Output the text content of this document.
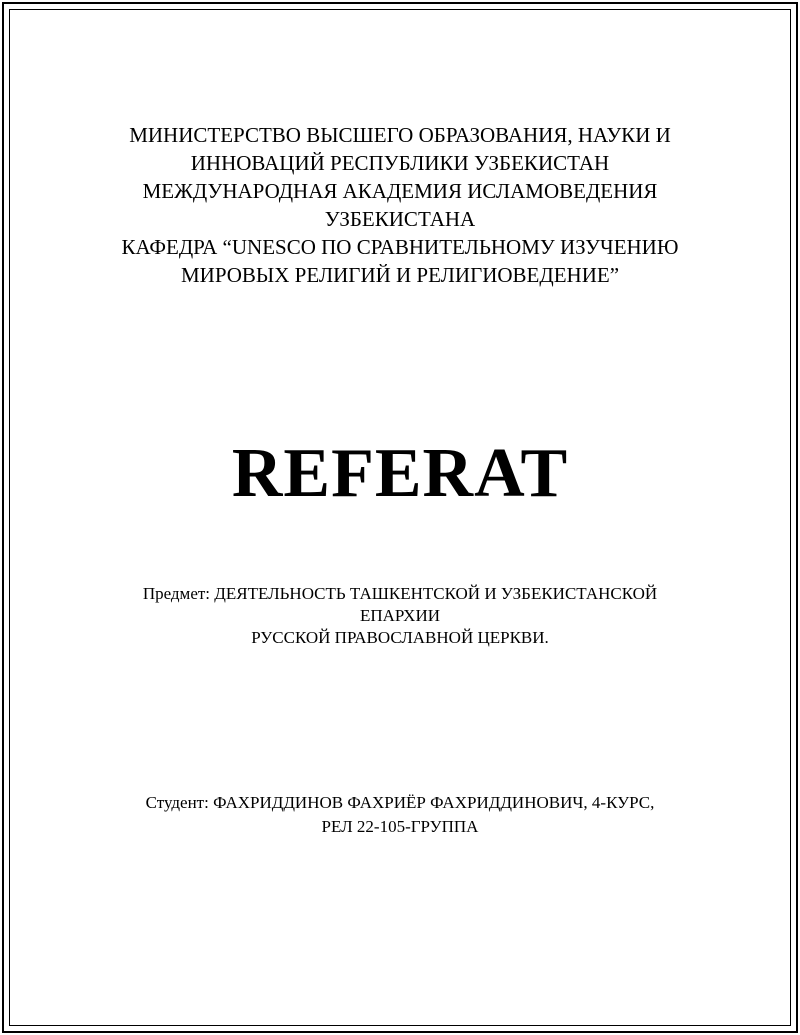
МИНИСТЕРСТВО ВЫСШЕГО ОБРАЗОВАНИЯ, НАУКИ И
ИННОВАЦИЙ РЕСПУБЛИКИ УЗБЕКИСТАН
МЕЖДУНАРОДНАЯ АКАДЕМИЯ ИСЛАМОВЕДЕНИЯ
УЗБЕКИСТАНА
КАФЕДРА “UNESCO ПО СРАВНИТЕЛЬНОМУ ИЗУЧЕНИЮ
МИРОВЫХ РЕЛИГИЙ И РЕЛИГИОВЕДЕНИЕ”
REFERAT
Предмет: ДЕЯТЕЛЬНОСТЬ ТАШКЕНТСКОЙ И УЗБЕКИСТАНСКОЙ
ЕПАРХИИ
РУССКОЙ ПРАВОСЛАВНОЙ ЦЕРКВИ.
Студент: ФАХРИДДИНОВ ФАХРИЁР ФАХРИДДИНОВИЧ, 4-КУРС,
РЕЛ 22-105-ГРУППА
